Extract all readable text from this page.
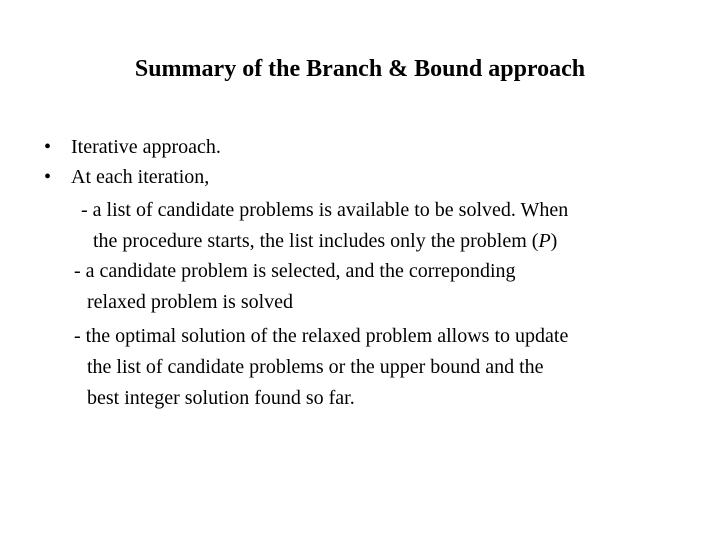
Summary of the Branch & Bound approach
• Iterative approach.
• At each iteration,
- a list of candidate problems is available to be solved. When
the procedure starts, the list includes only the problem (P)
- a candidate problem is selected, and the correponding
relaxed problem is solved
- the optimal solution of the relaxed problem allows to update
the list of candidate problems or the upper bound and the
best integer solution found so far.
